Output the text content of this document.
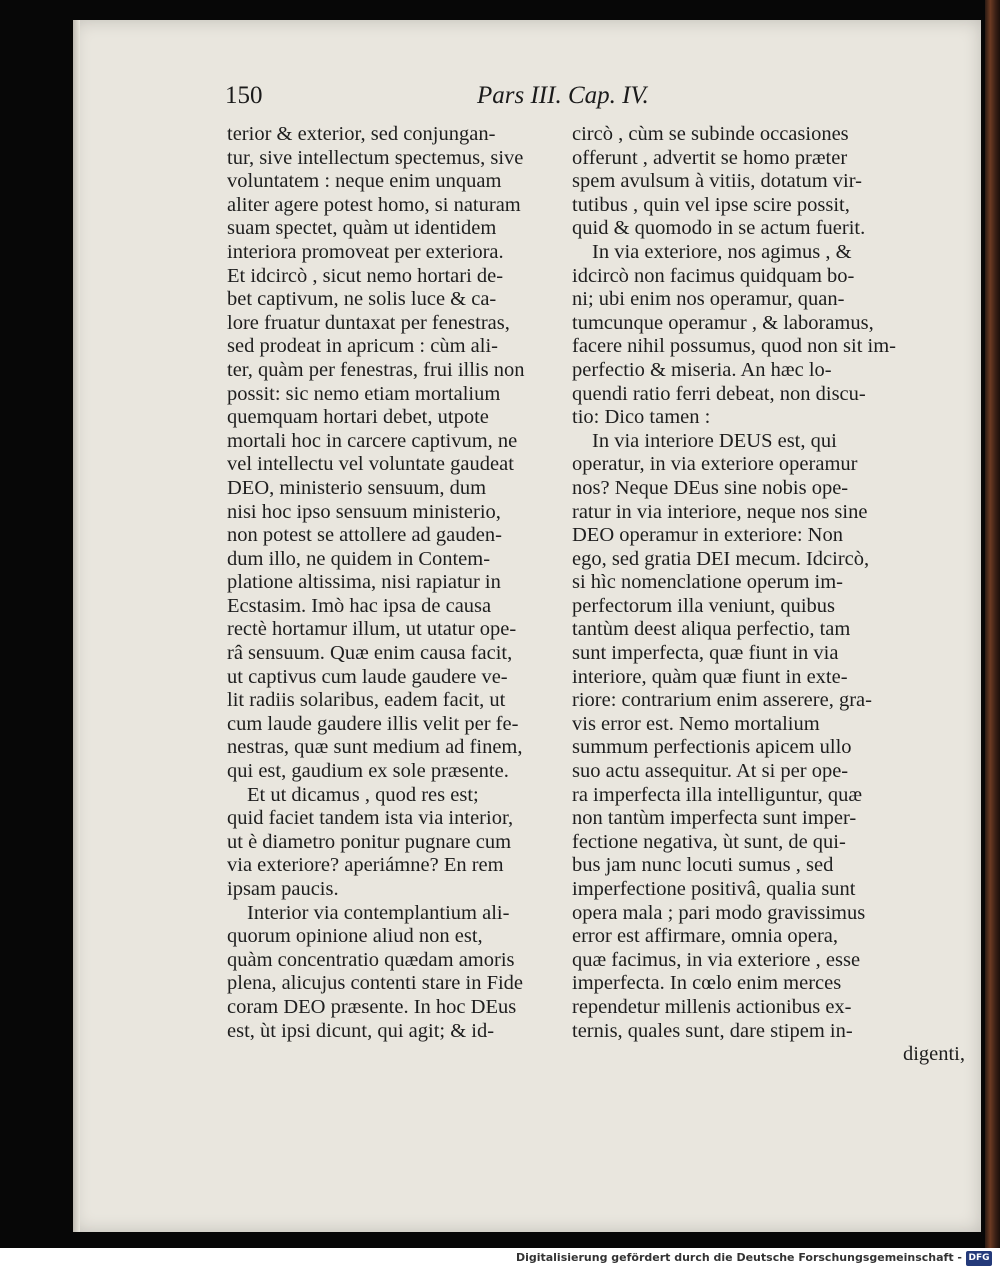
150	Pars III. Cap. IV.

terior & exterior, sed conjungan-

tur, sive intellectum spectemus, sive

voluntatem : neque enim unquam

aliter agere potest homo, si naturam

suam spectet, quàm ut identidem

interiora promoveat per exteriora.

Et idcircò , sicut nemo hortari de-

bet captivum, ne solis luce & ca-

lore fruatur duntaxat per fenestras,

sed prodeat in apricum : cùm ali-

ter, quàm per fenestras, frui illis non

possit: sic nemo etiam mortalium

quemquam hortari debet, utpote

mortali hoc in carcere captivum, ne

vel intellectu vel voluntate gaudeat

DEO, ministerio sensuum, dum

nisi hoc ipso sensuum ministerio,

non potest se attollere ad gauden-

dum illo, ne quidem in Contem-

platione altissima, nisi rapiatur in

Ecstasim. Imò hac ipsa de causa

rectè hortamur illum, ut utatur ope-

râ sensuum. Quæ enim causa facit,

ut captivus cum laude gaudere ve-

lit radiis solaribus, eadem facit, ut

cum laude gaudere illis velit per fe-

nestras, quæ sunt medium ad finem,

qui est, gaudium ex sole præsente.

Et ut dicamus , quod res est;

quid faciet tandem ista via interior,

ut è diametro ponitur pugnare cum

via exteriore? aperiámne? En rem

ipsam paucis.

Interior via contemplantium ali-

quorum opinione aliud non est,

quàm concentratio quædam amoris

plena, alicujus contenti stare in Fide

coram DEO præsente. In hoc DEus

est, ùt ipsi dicunt, qui agit; & id-

circò , cùm se subinde occasiones

offerunt , advertit se homo præter

spem avulsum à vitiis, dotatum vir-

tutibus , quin vel ipse scire possit,

quid & quomodo in se actum fuerit.

In via exteriore, nos agimus , &

idcircò non facimus quidquam bo-

ni; ubi enim nos operamur, quan-

tumcunque operamur , & laboramus,

facere nihil possumus, quod non sit im-

perfectio & miseria. An hæc lo-

quendi ratio ferri debeat, non discu-

tio: Dico tamen :

In via interiore DEUS est, qui

operatur, in via exteriore operamur

nos? Neque DEus sine nobis ope-

ratur in via interiore, neque nos sine

DEO operamur in exteriore: Non

ego, sed gratia DEI mecum. Idcircò,

si hìc nomenclatione operum im-

perfectorum illa veniunt, quibus

tantùm deest aliqua perfectio, tam

sunt imperfecta, quæ fiunt in via

interiore, quàm quæ fiunt in exte-

riore: contrarium enim asserere, gra-

vis error est. Nemo mortalium

summum perfectionis apicem ullo

suo actu assequitur. At si per ope-

ra imperfecta illa intelliguntur, quæ

non tantùm imperfecta sunt imper-

fectione negativa, ùt sunt, de qui-

bus jam nunc locuti sumus , sed

imperfectione positivâ, qualia sunt

opera mala ; pari modo gravissimus

error est affirmare, omnia opera,

quæ facimus, in via exteriore , esse

imperfecta. In cœlo enim merces

rependetur millenis actionibus ex-

ternis, quales sunt, dare stipem in-

digenti,

Digitalisierung gefördert durch die Deutsche Forschungsgemeinschaft - DFG
